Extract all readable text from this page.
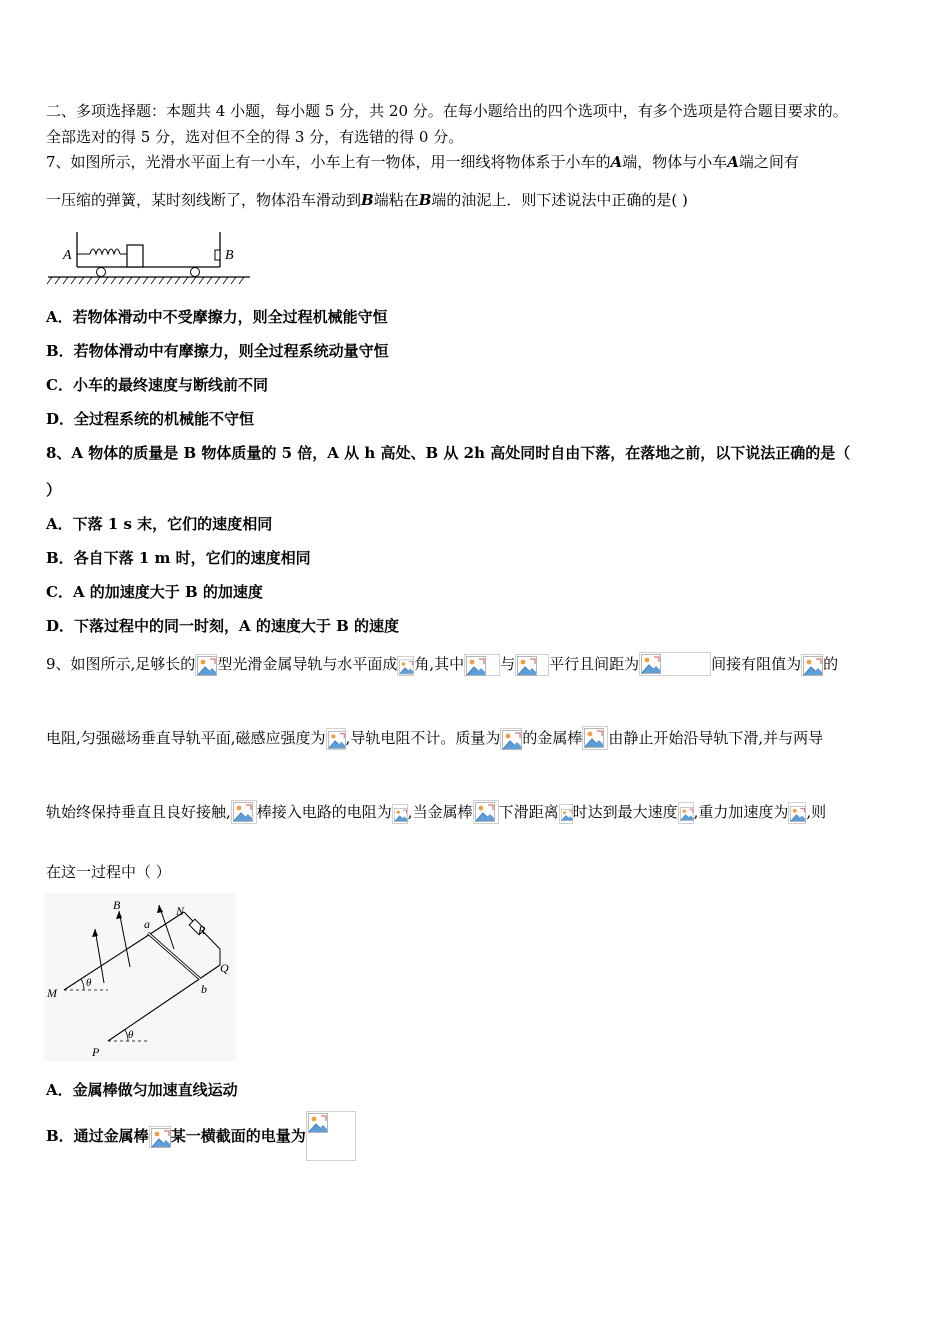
二、多项选择题：本题共 4 小题，每小题 5 分，共 20 分。在每小题给出的四个选项中，有多个选项是符合题目要求的。
全部选对的得 5 分，选对但不全的得 3 分，有选错的得 0 分。
7、如图所示，光滑水平面上有一小车，小车上有一物体，用一细线将物体系于小车的A端，物体与小车A端之间有
一压缩的弹簧，某时刻线断了，物体沿车滑动到B端粘在B端的油泥上．则下述说法中正确的是( )
A	B
A．若物体滑动中不受摩擦力，则全过程机械能守恒
B．若物体滑动中有摩擦力，则全过程系统动量守恒
C．小车的最终速度与断线前不同
D．全过程系统的机械能不守恒
8、A 物体的质量是 B 物体质量的 5 倍，A 从 h 高处、B 从 2h 高处同时自由下落，在落地之前，以下说法正确的是（
）
A．下落 1 s 末，它们的速度相同
B．各自下落 1 m 时，它们的速度相同
C．A 的加速度大于 B 的加速度
D．下落过程中的同一时刻，A 的速度大于 B 的速度
9、如图所示,足够长的 型光滑金属导轨与水平面成 角,其中 与 平行且间距为	间接有阻值为 的
电阻,匀强磁场垂直导轨平面,磁感应强度为 ,导轨电阻不计。质量为 的金属棒 由静止开始沿导轨下滑,并与两导
轨始终保持垂直且良好接触, 棒接入电路的电阻为 ,当金属棒 下滑距离 时达到最大速度 ,重力加速度为 ,则
在这一过程中（ ）
B
a
N
R
Q
M
θ	b
P
θ
A．金属棒做匀加速直线运动
B．通过金属棒 某一横截面的电量为
